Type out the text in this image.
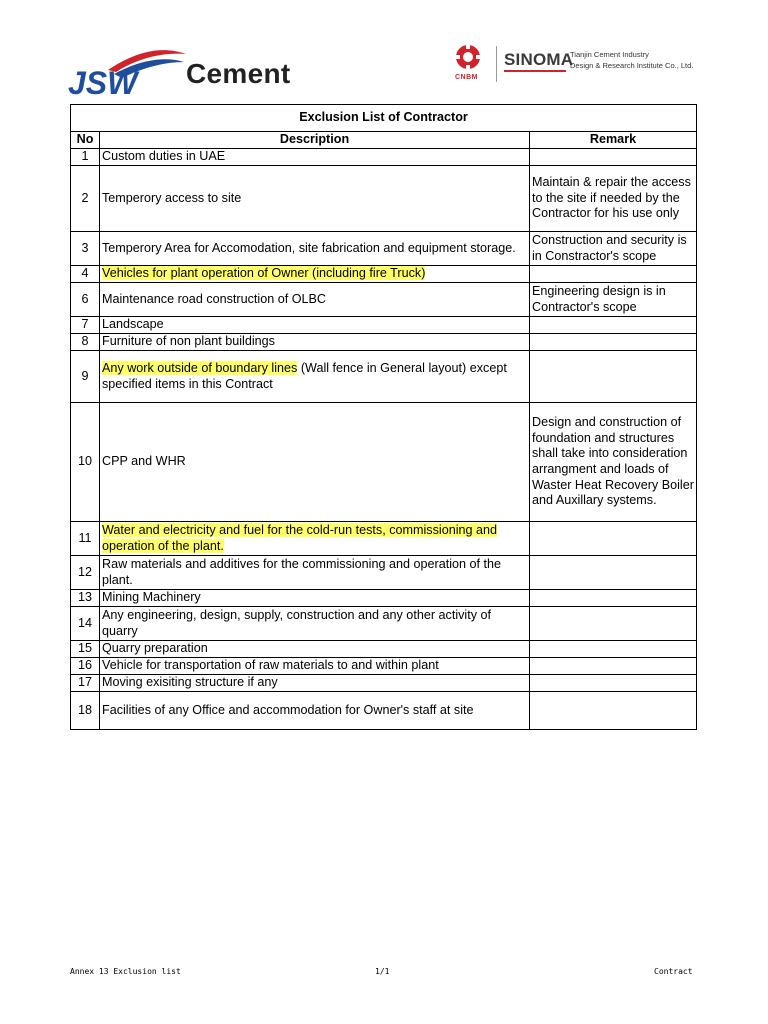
JSW Cement	CNBM
SINOMA
Tianjin Cement Industry
Design & Research Institute Co., Ltd.
Exclusion List of Contractor		
No	Description	Remark
1	Custom duties in UAE	
2	Temperory access to site	Maintain & repair the access to the site if needed by the Contractor for his use only
3	Temperory Area for Accomodation, site fabrication and equipment storage.	Construction and security is in Constractor's scope
4	Vehicles for plant operation of Owner (including fire Truck)	
6	Maintenance road construction of OLBC	Engineering design is in Contractor's scope
7	Landscape	
8	Furniture of non plant buildings	
9	Any work outside of boundary lines (Wall fence in General layout) except specified items in this Contract	
10	CPP and WHR	Design and construction of foundation and structures shall take into consideration arrangment and loads of Waster Heat Recovery Boiler and Auxillary systems.
11	Water and electricity and fuel for the cold-run tests, commissioning and operation of the plant.	
12	Raw materials and additives for the commissioning and operation of the plant.	
13	Mining Machinery	
14	Any engineering, design, supply, construction and any other activity of quarry	
15	Quarry preparation	
16	Vehicle for transportation of raw materials to and within plant	
17	Moving exisiting structure if any	
18	Facilities of any Office and accommodation for Owner's staff at site	
Annex 13 Exclusion list	1/1	Contract
